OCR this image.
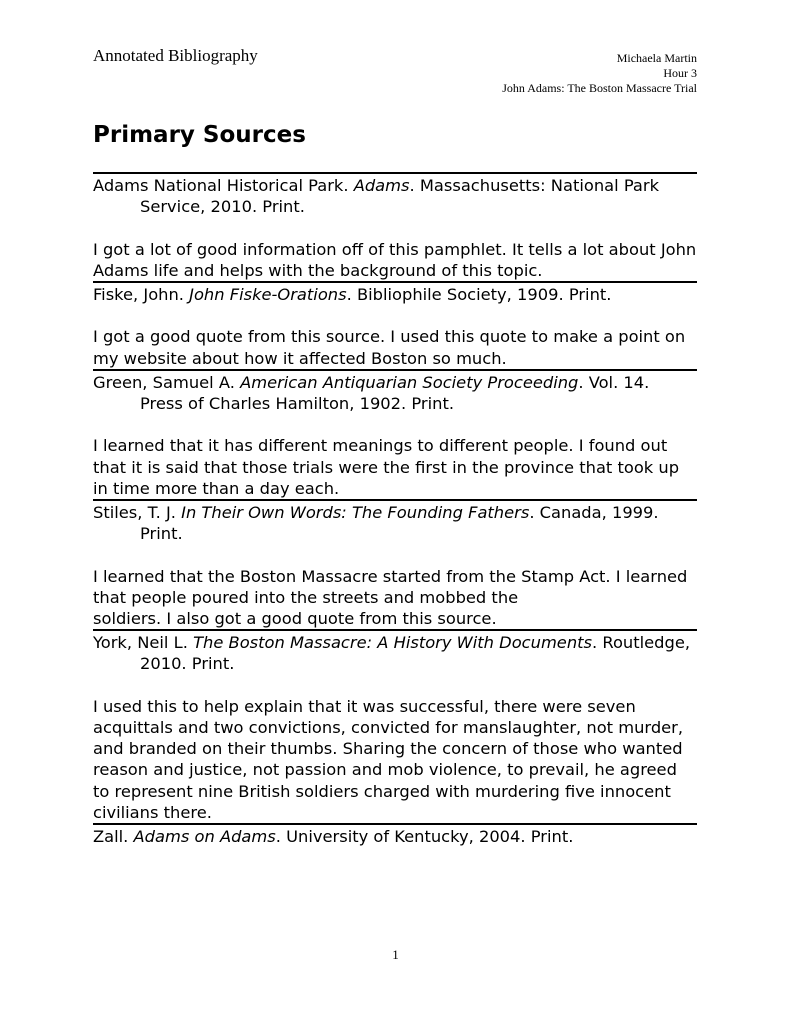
Annotated Bibliography	Michaela Martin
Hour 3
John Adams: The Boston Massacre Trial
Primary Sources
Adams National Historical Park. Adams. Massachusetts: National Park Service, 2010. Print.
I got a lot of good information off of this pamphlet. It tells a lot about John Adams life and helps with the background of this topic.
Fiske, John. John Fiske-Orations. Bibliophile Society, 1909. Print.
I got a good quote from this source. I used this quote to make a point on my website about how it affected Boston so much.
Green, Samuel A. American Antiquarian Society Proceeding. Vol. 14. Press of Charles Hamilton, 1902. Print.
I learned that it has different meanings to different people. I found out that it is said that those trials were the first in the province that took up in time more than a day each.
Stiles, T. J. In Their Own Words: The Founding Fathers. Canada, 1999. Print.
I learned that the Boston Massacre started from the Stamp Act. I learned that people poured into the streets and mobbed the
soldiers. I also got a good quote from this source.
York, Neil L. The Boston Massacre: A History With Documents. Routledge, 2010. Print.
I used this to help explain that it was successful, there were seven acquittals and two convictions, convicted for manslaughter, not murder, and branded on their thumbs. Sharing the concern of those who wanted reason and justice, not passion and mob violence, to prevail, he agreed to represent nine British soldiers charged with murdering five innocent civilians there.
Zall. Adams on Adams. University of Kentucky, 2004. Print.
1
